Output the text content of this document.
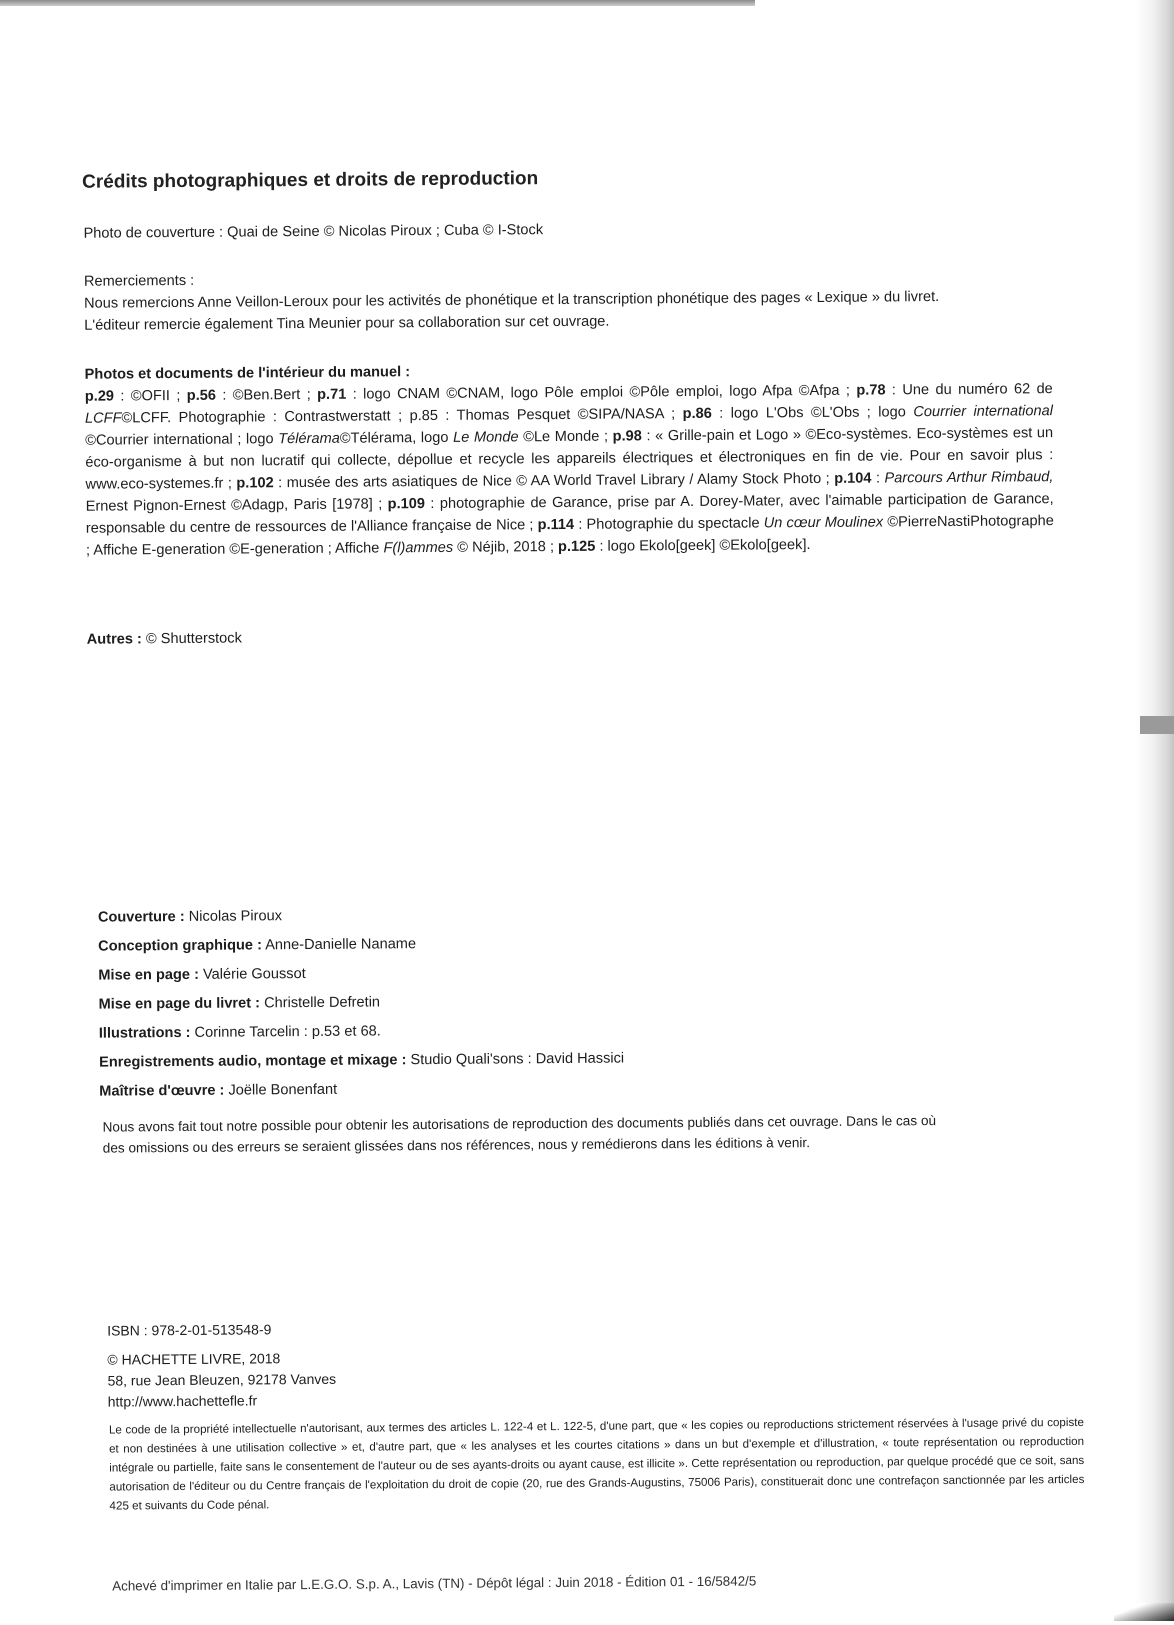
Crédits photographiques et droits de reproduction
Photo de couverture : Quai de Seine © Nicolas Piroux ; Cuba © I-Stock
Remerciements :
Nous remercions Anne Veillon-Leroux pour les activités de phonétique et la transcription phonétique des pages « Lexique » du livret.
L'éditeur remercie également Tina Meunier pour sa collaboration sur cet ouvrage.
Photos et documents de l'intérieur du manuel :
p.29 : ©OFII ; p.56 : ©Ben.Bert ; p.71 : logo CNAM ©CNAM, logo Pôle emploi ©Pôle emploi, logo Afpa ©Afpa ; p.78 : Une du numéro 62 de LCFF©LCFF. Photographie : Contrastwerstatt ; p.85 : Thomas Pesquet ©SIPA/NASA ; p.86 : logo L'Obs ©L'Obs ; logo Courrier international ©Courrier international ; logo Télérama©Télérama, logo Le Monde ©Le Monde ; p.98 : « Grille-pain et Logo » ©Eco-systèmes. Eco-systèmes est un éco-organisme à but non lucratif qui collecte, dépollue et recycle les appareils électriques et électroniques en fin de vie. Pour en savoir plus : www.eco-systemes.fr ; p.102 : musée des arts asiatiques de Nice © AA World Travel Library / Alamy Stock Photo ; p.104 : Parcours Arthur Rimbaud, Ernest Pignon-Ernest ©Adagp, Paris [1978] ; p.109 : photographie de Garance, prise par A. Dorey-Mater, avec l'aimable participation de Garance, responsable du centre de ressources de l'Alliance française de Nice ; p.114 : Photographie du spectacle Un cœur Moulinex ©PierreNastiPhotographe ; Affiche E-generation ©E-generation ; Affiche F(l)ammes © Néjib, 2018 ; p.125 : logo Ekolo[geek] ©Ekolo[geek].
Autres : © Shutterstock
Couverture : Nicolas Piroux
Conception graphique : Anne-Danielle Naname
Mise en page : Valérie Goussot
Mise en page du livret : Christelle Defretin
Illustrations : Corinne Tarcelin : p.53 et 68.
Enregistrements audio, montage et mixage : Studio Quali'sons : David Hassici
Maîtrise d'œuvre : Joëlle Bonenfant
Nous avons fait tout notre possible pour obtenir les autorisations de reproduction des documents publiés dans cet ouvrage. Dans le cas où
des omissions ou des erreurs se seraient glissées dans nos références, nous y remédierons dans les éditions à venir.
ISBN : 978-2-01-513548-9
© HACHETTE LIVRE, 2018
58, rue Jean Bleuzen, 92178 Vanves
http://www.hachettefle.fr
Le code de la propriété intellectuelle n'autorisant, aux termes des articles L. 122-4 et L. 122-5, d'une part, que « les copies ou reproductions strictement réservées à l'usage privé du copiste et non destinées à une utilisation collective » et, d'autre part, que « les analyses et les courtes citations » dans un but d'exemple et d'illustration, « toute représentation ou reproduction intégrale ou partielle, faite sans le consentement de l'auteur ou de ses ayants-droits ou ayant cause, est illicite ». Cette représentation ou reproduction, par quelque procédé que ce soit, sans autorisation de l'éditeur ou du Centre français de l'exploitation du droit de copie (20, rue des Grands-Augustins, 75006 Paris), constituerait donc une contrefaçon sanctionnée par les articles 425 et suivants du Code pénal.
Achevé d'imprimer en Italie par L.E.G.O. S.p. A., Lavis (TN) - Dépôt légal : Juin 2018 - Édition 01 - 16/5842/5
